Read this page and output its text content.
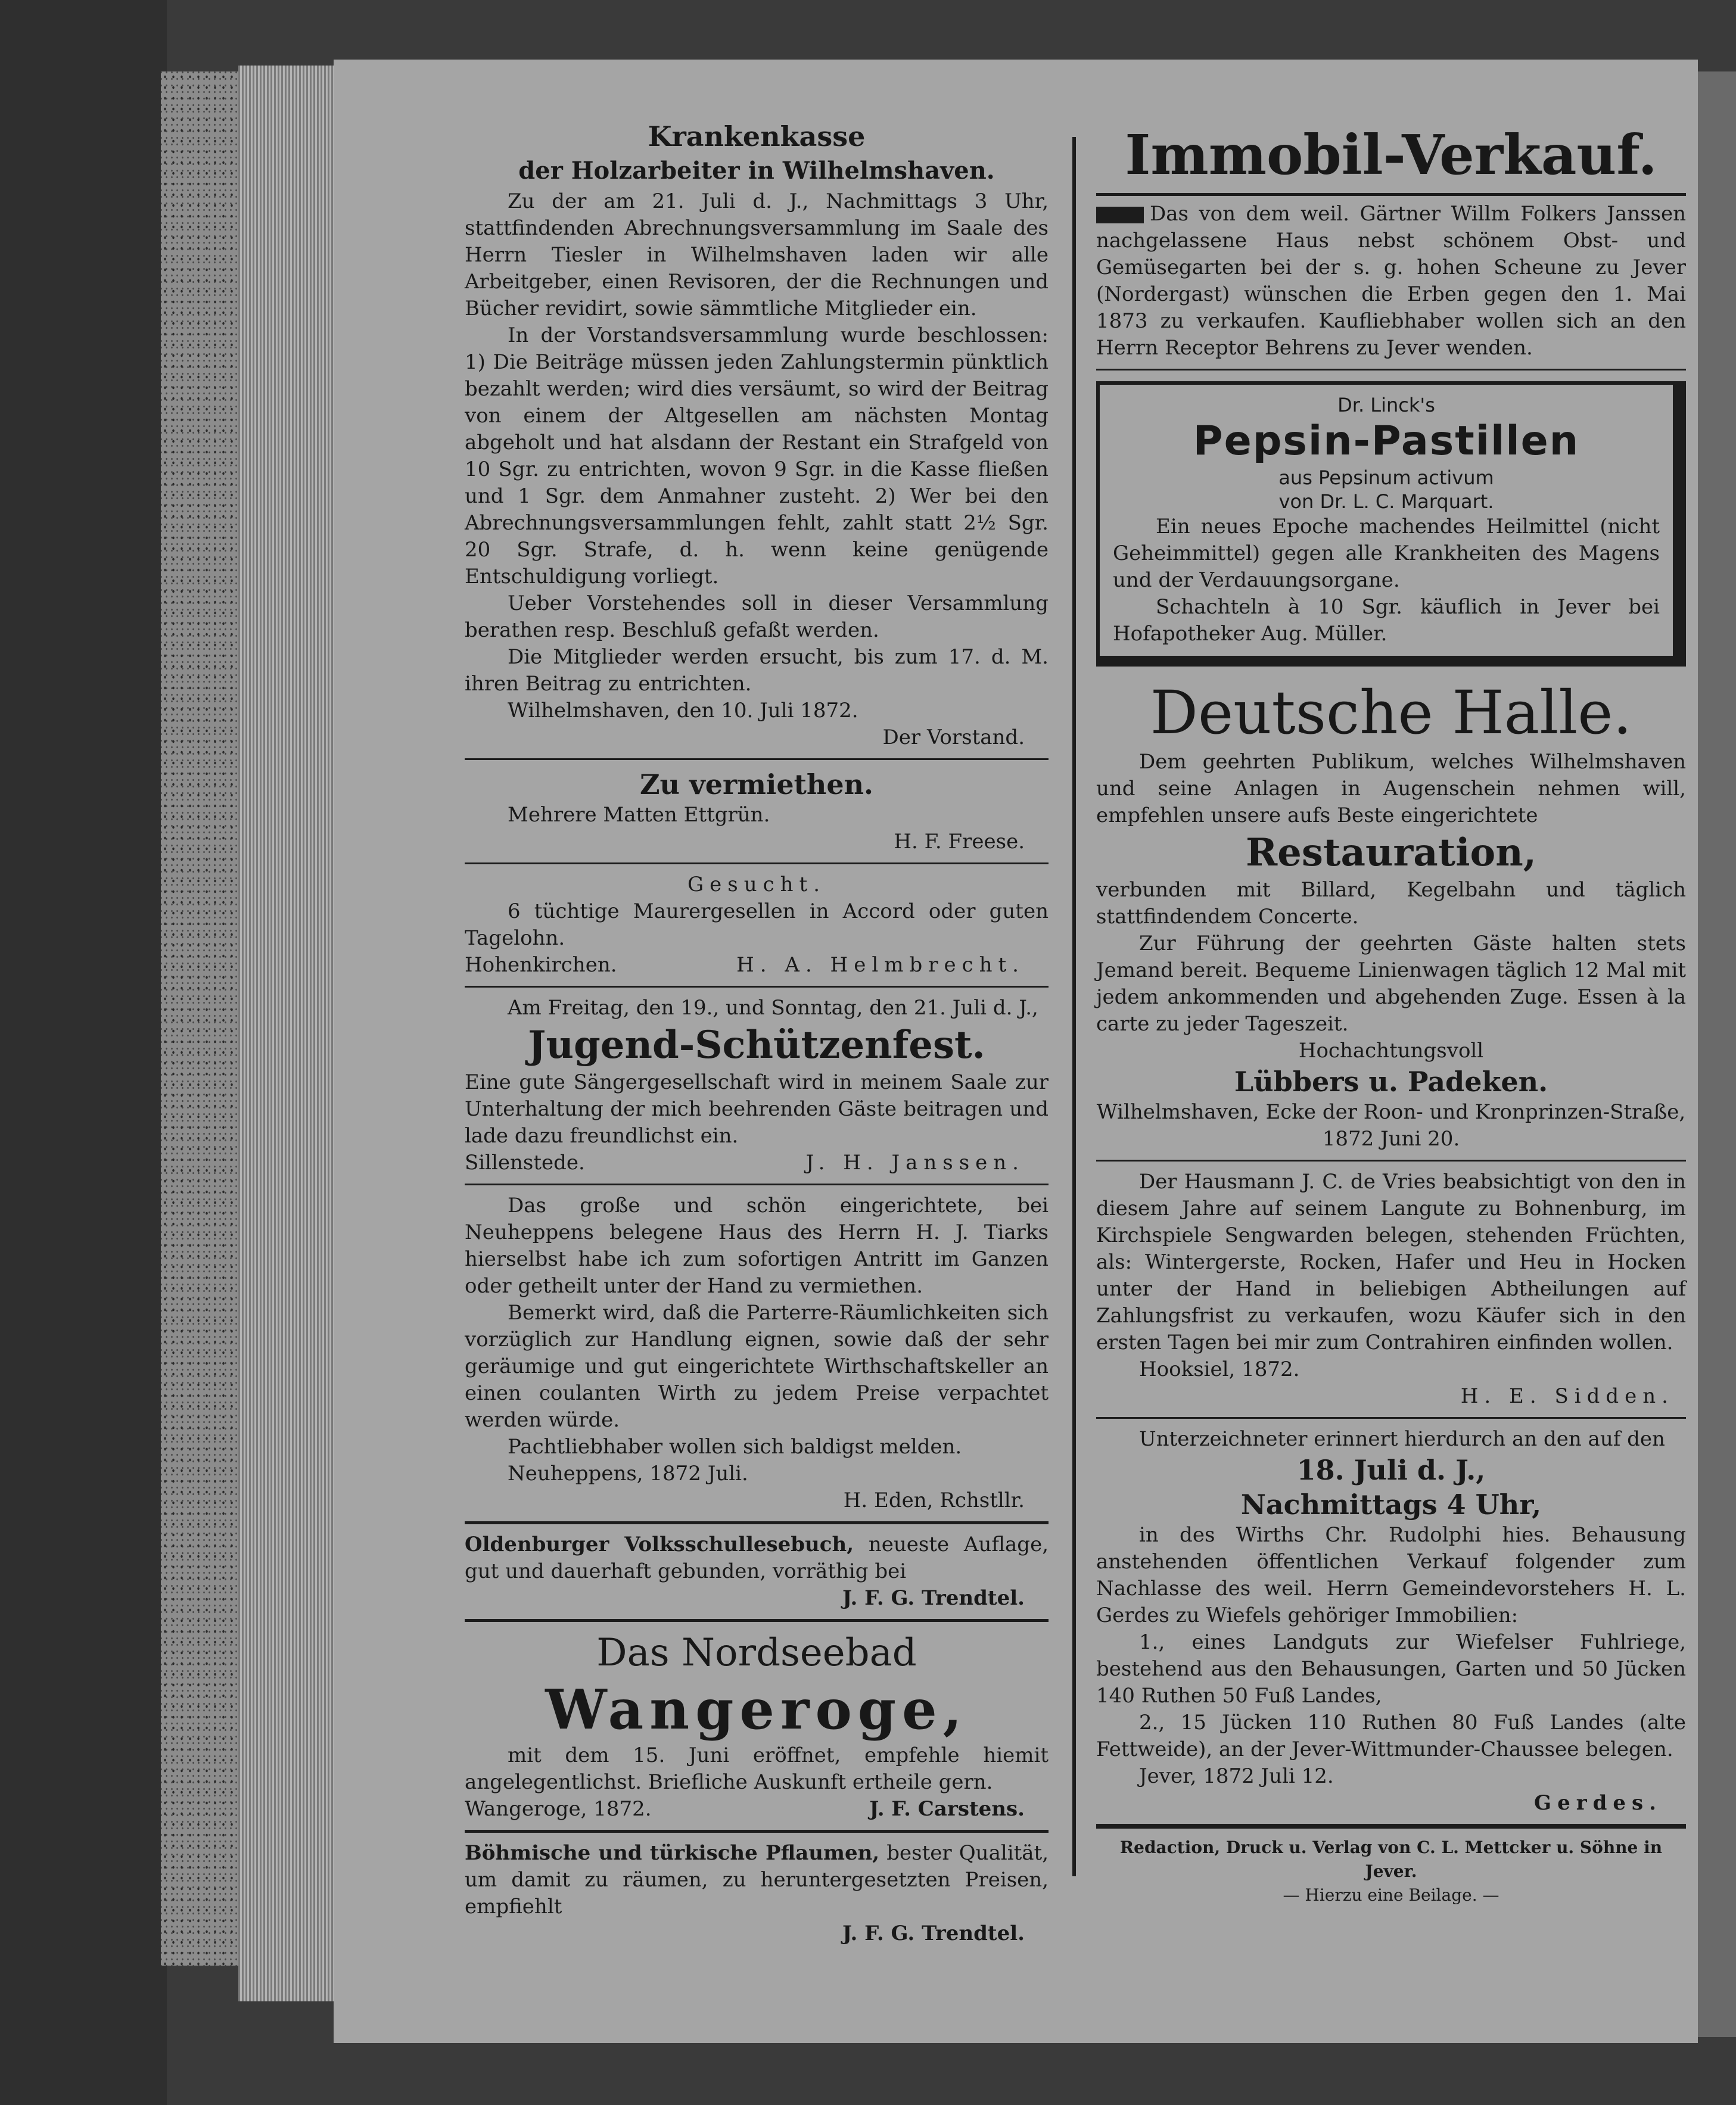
Krankenkasse
der Holzarbeiter in Wilhelmshaven.
Zu der am 21. Juli d. J., Nachmittags 3 Uhr, stattfindenden Abrechnungsversammlung im Saale des Herrn Tiesler in Wilhelmshaven laden wir alle Arbeitgeber, einen Revisoren, der die Rechnungen und Bücher revidirt, sowie sämmtliche Mitglieder ein.
In der Vorstandsversammlung wurde beschlossen: 1) Die Beiträge müssen jeden Zahlungstermin pünktlich bezahlt werden; wird dies versäumt, so wird der Beitrag von einem der Altgesellen am nächsten Montag abgeholt und hat alsdann der Restant ein Strafgeld von 10 Sgr. zu entrichten, wovon 9 Sgr. in die Kasse fließen und 1 Sgr. dem Anmahner zusteht. 2) Wer bei den Abrechnungsversammlungen fehlt, zahlt statt 2½ Sgr. 20 Sgr. Strafe, d. h. wenn keine genügende Entschuldigung vorliegt.
Ueber Vorstehendes soll in dieser Versammlung berathen resp. Beschluß gefaßt werden.
Die Mitglieder werden ersucht, bis zum 17. d. M. ihren Beitrag zu entrichten.
Wilhelmshaven, den 10. Juli 1872.
Der Vorstand.
Zu vermiethen.
Mehrere Matten Ettgrün.
H. F. Freese.
Gesucht.
6 tüchtige Maurergesellen in Accord oder guten Tagelohn.
Hohenkirchen.	H. A. Helmbrecht.
Am Freitag, den 19., und Sonntag, den 21. Juli d. J.,
Jugend-Schützenfest.
Eine gute Sängergesellschaft wird in meinem Saale zur Unterhaltung der mich beehrenden Gäste beitragen und lade dazu freundlichst ein.
Sillenstede.	J. H. Janssen.
Das große und schön eingerichtete, bei Neuheppens belegene Haus des Herrn H. J. Tiarks hierselbst habe ich zum sofortigen Antritt im Ganzen oder getheilt unter der Hand zu vermiethen.
Bemerkt wird, daß die Parterre-Räumlichkeiten sich vorzüglich zur Handlung eignen, sowie daß der sehr geräumige und gut eingerichtete Wirthschaftskeller an einen coulanten Wirth zu jedem Preise verpachtet werden würde.
Pachtliebhaber wollen sich baldigst melden.
Neuheppens, 1872 Juli.
H. Eden, Rchstllr.
Oldenburger Volksschullesebuch, neueste Auflage, gut und dauerhaft gebunden, vorräthig bei
J. F. G. Trendtel.
Das Nordseebad
Wangeroge,
mit dem 15. Juni eröffnet, empfehle hiemit angelegentlichst. Briefliche Auskunft ertheile gern.
Wangeroge, 1872.	J. F. Carstens.
Böhmische und türkische Pflaumen, bester Qualität, um damit zu räumen, zu heruntergesetzten Preisen, empfiehlt
J. F. G. Trendtel.
Immobil-Verkauf.
Das von dem weil. Gärtner Willm Folkers Janssen nachgelassene Haus nebst schönem Obst- und Gemüsegarten bei der s. g. hohen Scheune zu Jever (Nordergast) wünschen die Erben gegen den 1. Mai 1873 zu verkaufen. Kaufliebhaber wollen sich an den Herrn Receptor Behrens zu Jever wenden.
Dr. Linck's
Pepsin-Pastillen
aus Pepsinum activum
von Dr. L. C. Marquart.
Ein neues Epoche machendes Heilmittel (nicht Geheimmittel) gegen alle Krankheiten des Magens und der Verdauungsorgane.
Schachteln à 10 Sgr. käuflich in Jever bei Hofapotheker Aug. Müller.
Deutsche Halle.
Dem geehrten Publikum, welches Wilhelmshaven und seine Anlagen in Augenschein nehmen will, empfehlen unsere aufs Beste eingerichtete
Restauration,
verbunden mit Billard, Kegelbahn und täglich stattfindendem Concerte.
Zur Führung der geehrten Gäste halten stets Jemand bereit. Bequeme Linienwagen täglich 12 Mal mit jedem ankommenden und abgehenden Zuge. Essen à la carte zu jeder Tageszeit.
Hochachtungsvoll
Lübbers u. Padeken.
Wilhelmshaven, Ecke der Roon- und Kronprinzen-Straße, 1872 Juni 20.
Der Hausmann J. C. de Vries beabsichtigt von den in diesem Jahre auf seinem Langute zu Bohnenburg, im Kirchspiele Sengwarden belegen, stehenden Früchten, als: Wintergerste, Rocken, Hafer und Heu in Hocken unter der Hand in beliebigen Abtheilungen auf Zahlungsfrist zu verkaufen, wozu Käufer sich in den ersten Tagen bei mir zum Contrahiren einfinden wollen.
Hooksiel, 1872.
H. E. Sidden.
Unterzeichneter erinnert hierdurch an den auf den
18. Juli d. J.,
Nachmittags 4 Uhr,
in des Wirths Chr. Rudolphi hies. Behausung anstehenden öffentlichen Verkauf folgender zum Nachlasse des weil. Herrn Gemeindevorstehers H. L. Gerdes zu Wiefels gehöriger Immobilien:
1., eines Landguts zur Wiefelser Fuhlriege, bestehend aus den Behausungen, Garten und 50 Jücken 140 Ruthen 50 Fuß Landes,
2., 15 Jücken 110 Ruthen 80 Fuß Landes (alte Fettweide), an der Jever-Wittmunder-Chaussee belegen.
Jever, 1872 Juli 12.
Gerdes.
Redaction, Druck u. Verlag von C. L. Mettcker u. Söhne in Jever.
— Hierzu eine Beilage. —
